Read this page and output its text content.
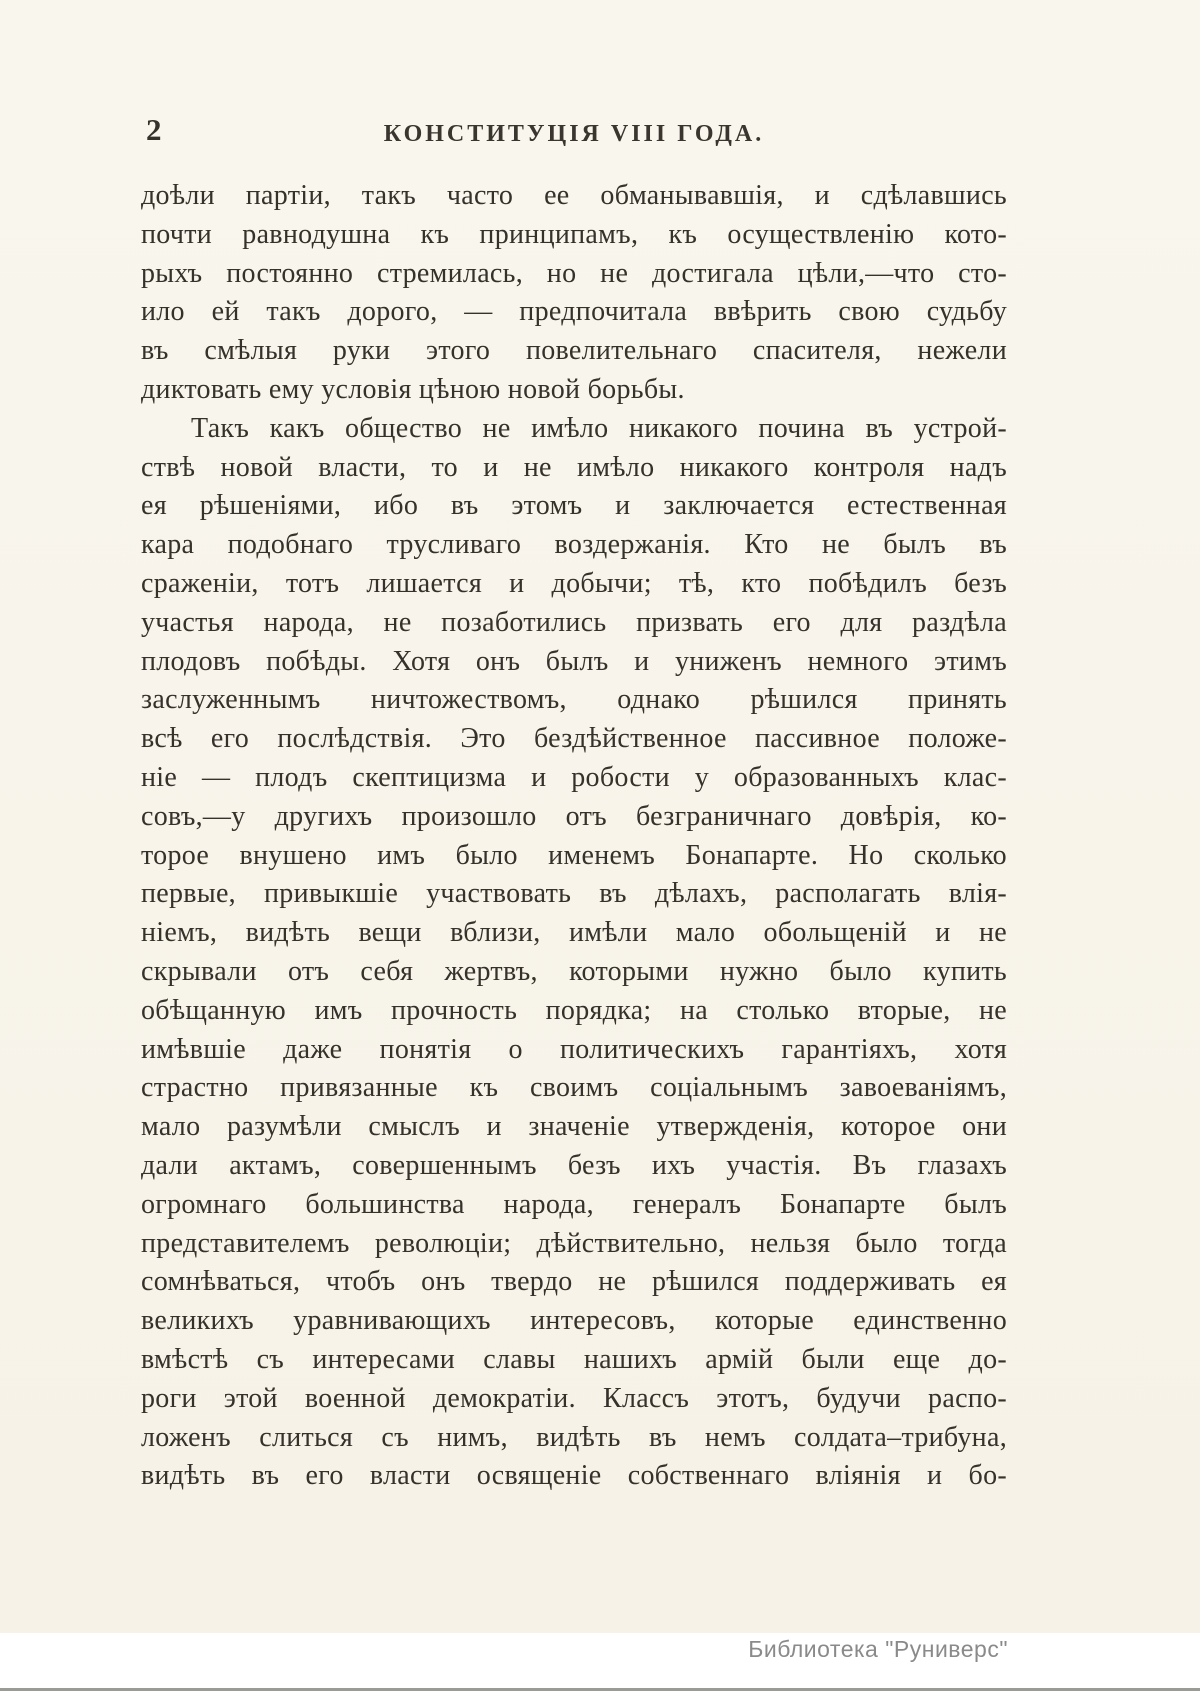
2	КОНСТИТУЦІЯ VIII ГОДА.
доѣли партіи, такъ часто ее обманывавшія, и сдѣлавшись
почти равнодушна къ принципамъ, къ осуществленію кото-
рыхъ постоянно стремилась, но не достигала цѣли,—что сто-
ило ей такъ дорого, — предпочитала ввѣрить свою судьбу
въ смѣлыя руки этого повелительнаго спасителя, нежели
диктовать ему условія цѣною новой борьбы.
Такъ какъ общество не имѣло никакого почина въ устрой-
ствѣ новой власти, то и не имѣло никакого контроля надъ
ея рѣшеніями, ибо въ этомъ и заключается естественная
кара подобнаго трусливаго воздержанія. Кто не былъ въ
сраженіи, тотъ лишается и добычи; тѣ, кто побѣдилъ безъ
участья народа, не позаботились призвать его для раздѣла
плодовъ побѣды. Хотя онъ былъ и униженъ немного этимъ
заслуженнымъ ничтожествомъ, однако рѣшился принять
всѣ его послѣдствія. Это бездѣйственное пассивное положе-
ніе — плодъ скептицизма и робости у образованныхъ клас-
совъ,—у другихъ произошло отъ безграничнаго довѣрія, ко-
торое внушено имъ было именемъ Бонапарте. Но сколько
первые, привыкшіе участвовать въ дѣлахъ, располагать влія-
ніемъ, видѣть вещи вблизи, имѣли мало обольщеній и не
скрывали отъ себя жертвъ, которыми нужно было купить
обѣщанную имъ прочность порядка; на столько вторые, не
имѣвшіе даже понятія о политическихъ гарантіяхъ, хотя
страстно привязанные къ своимъ соціальнымъ завоеваніямъ,
мало разумѣли смыслъ и значеніе утвержденія, которое они
дали актамъ, совершеннымъ безъ ихъ участія. Въ глазахъ
огромнаго большинства народа, генералъ Бонапарте былъ
представителемъ революціи; дѣйствительно, нельзя было тогда
сомнѣваться, чтобъ онъ твердо не рѣшился поддерживать ея
великихъ уравнивающихъ интересовъ, которые единственно
вмѣстѣ съ интересами славы нашихъ армій были еще до-
роги этой военной демократіи. Классъ этотъ, будучи распо-
ложенъ слиться съ нимъ, видѣть въ немъ солдата–трибуна,
видѣть въ его власти освященіе собственнаго вліянія и бо-
Библиотека "Руниверс"
